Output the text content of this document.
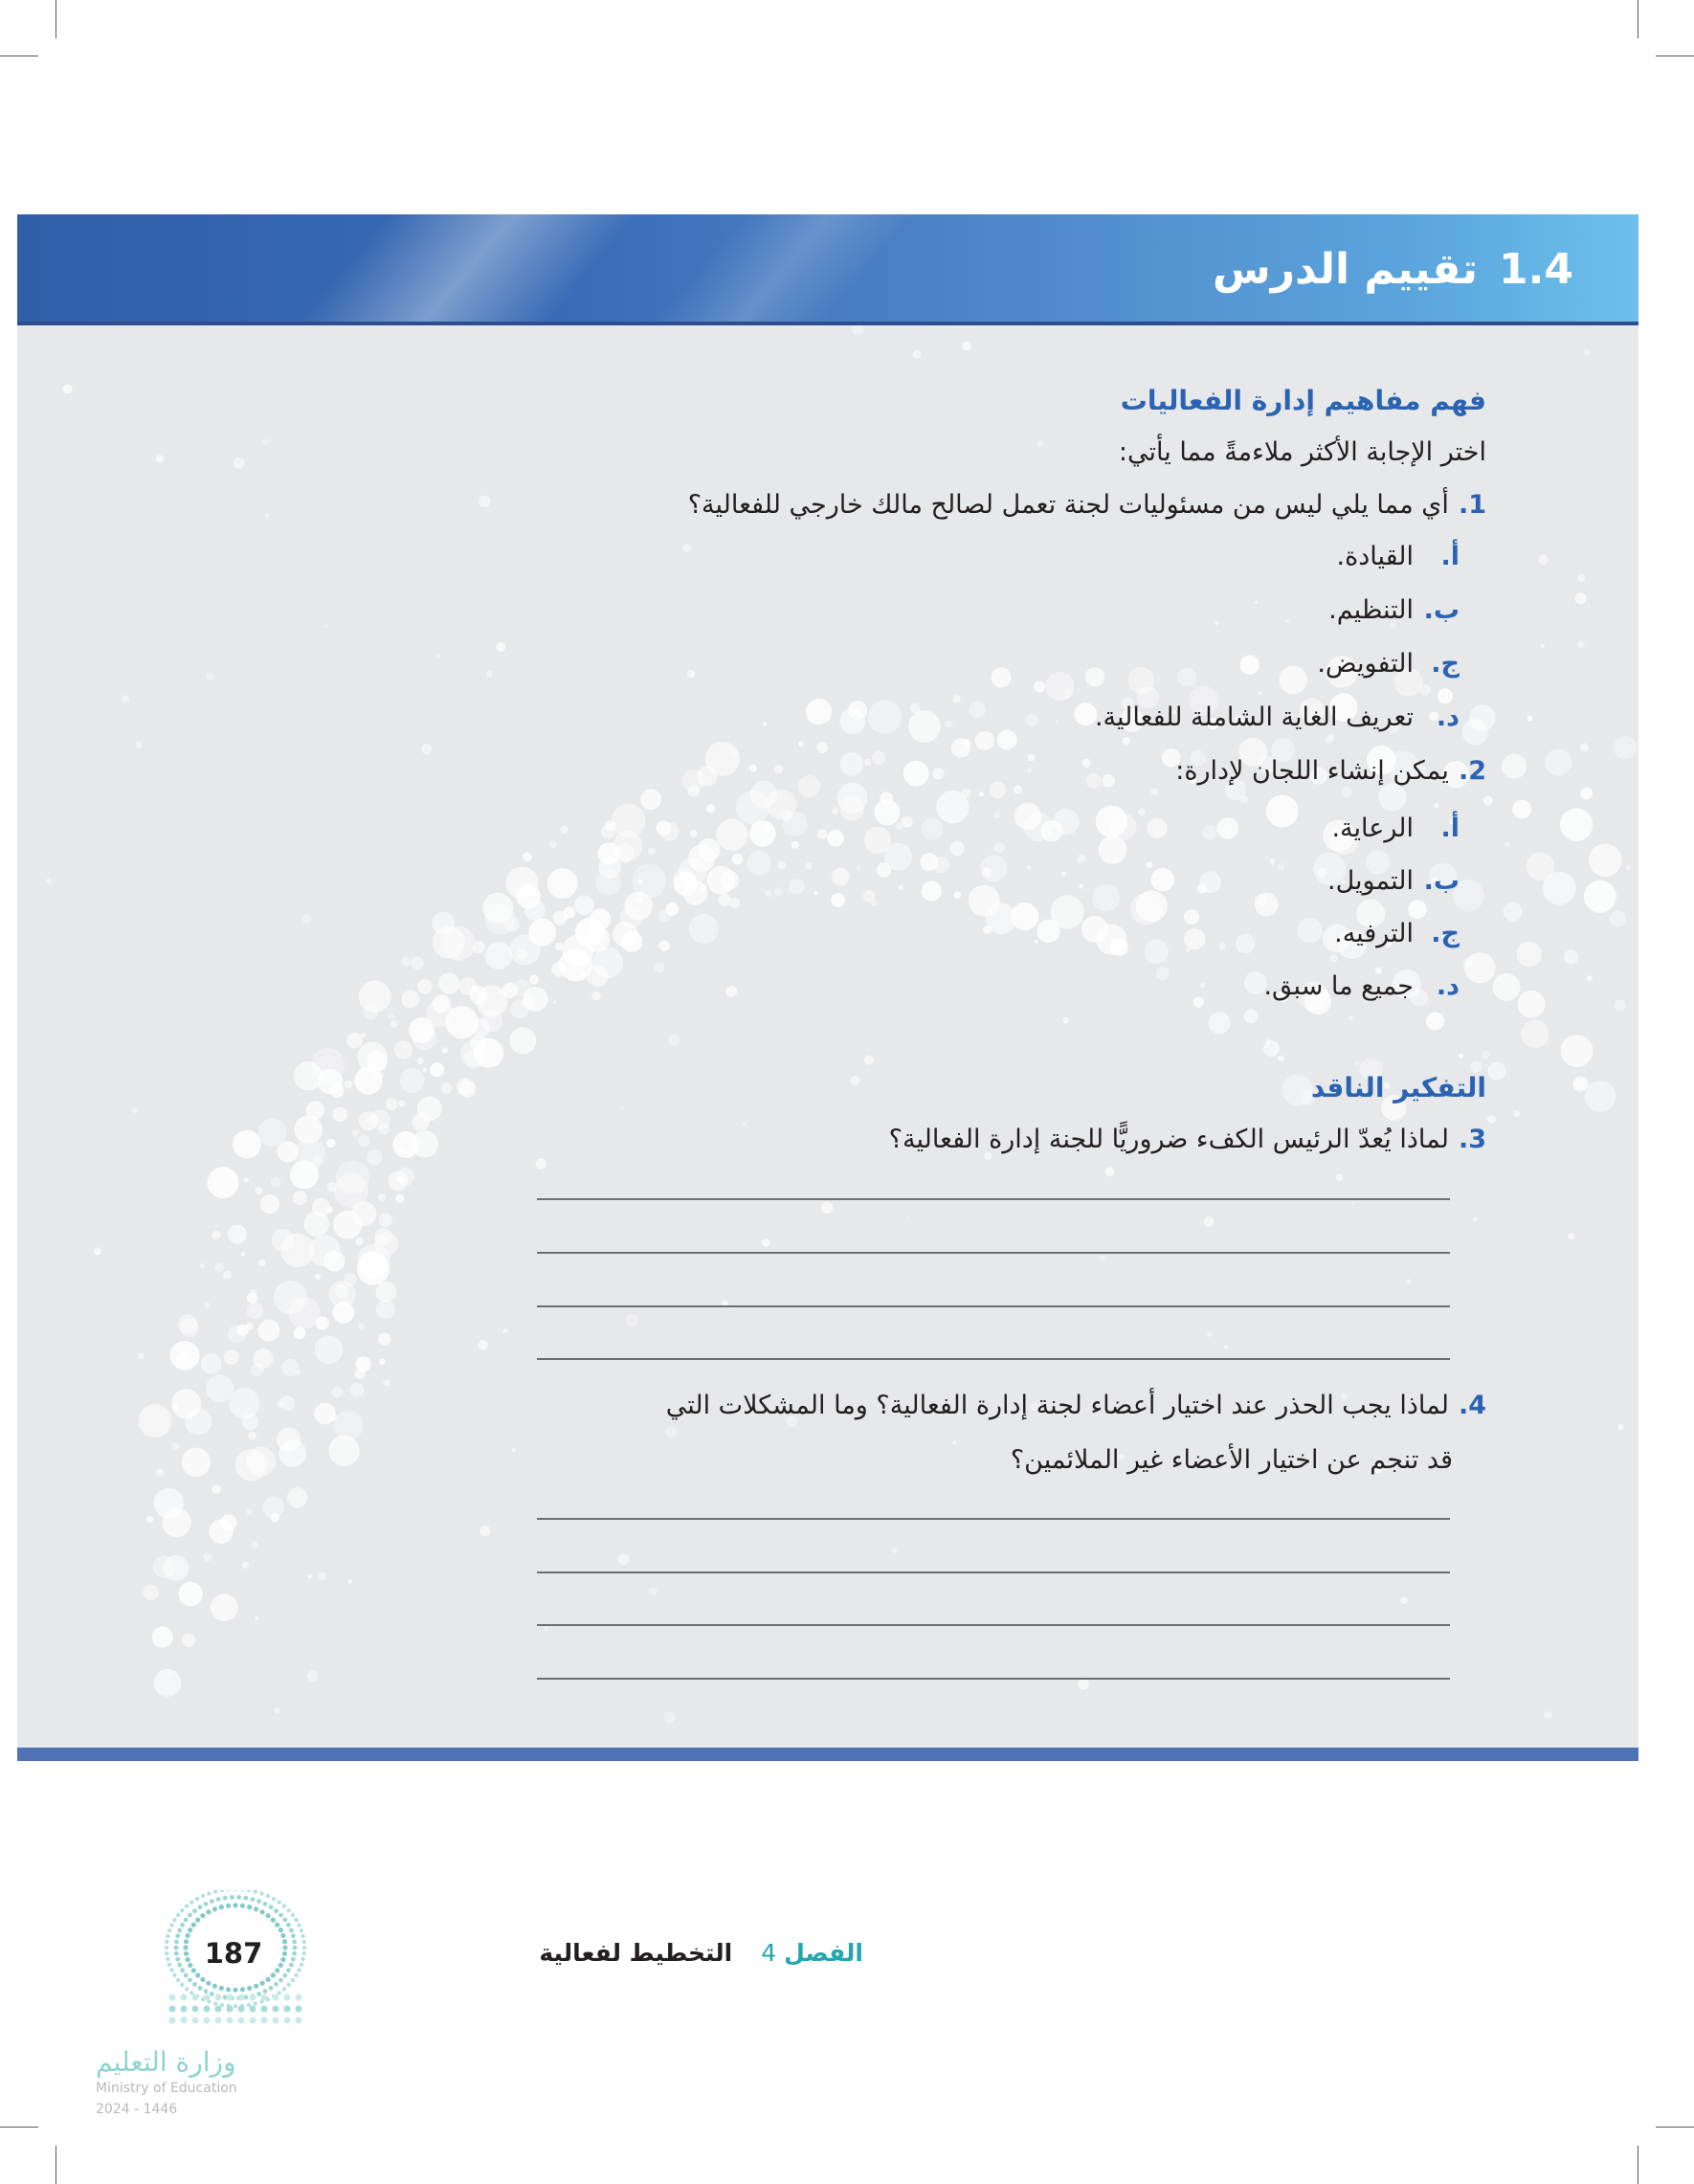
1.4تقييم الدرس
فهم مفاهيم إدارة الفعاليات
اختر الإجابة الأكثر ملاءمةً مما يأتي:
1.أي مما يلي ليس من مسئوليات لجنة تعمل لصالح مالك خارجي للفعالية؟
أ.القيادة.
ب.التنظيم.
ج.التفويض.
د.تعريف الغاية الشاملة للفعالية.
2.يمكن إنشاء اللجان لإدارة:
أ.الرعاية.
ب.التمويل.
ج.الترفيه.
د.جميع ما سبق.
التفكير الناقد
3.لماذا يُعدّ الرئيس الكفء ضروريًّا للجنة إدارة الفعالية؟
4.لماذا يجب الحذر عند اختيار أعضاء لجنة إدارة الفعالية؟ وما المشكلات التي
قد تنجم عن اختيار الأعضاء غير الملائمين؟
الفصل4التخطيط لفعالية
187
وزارة التعليم
Ministry of Education
2024 - 1446
